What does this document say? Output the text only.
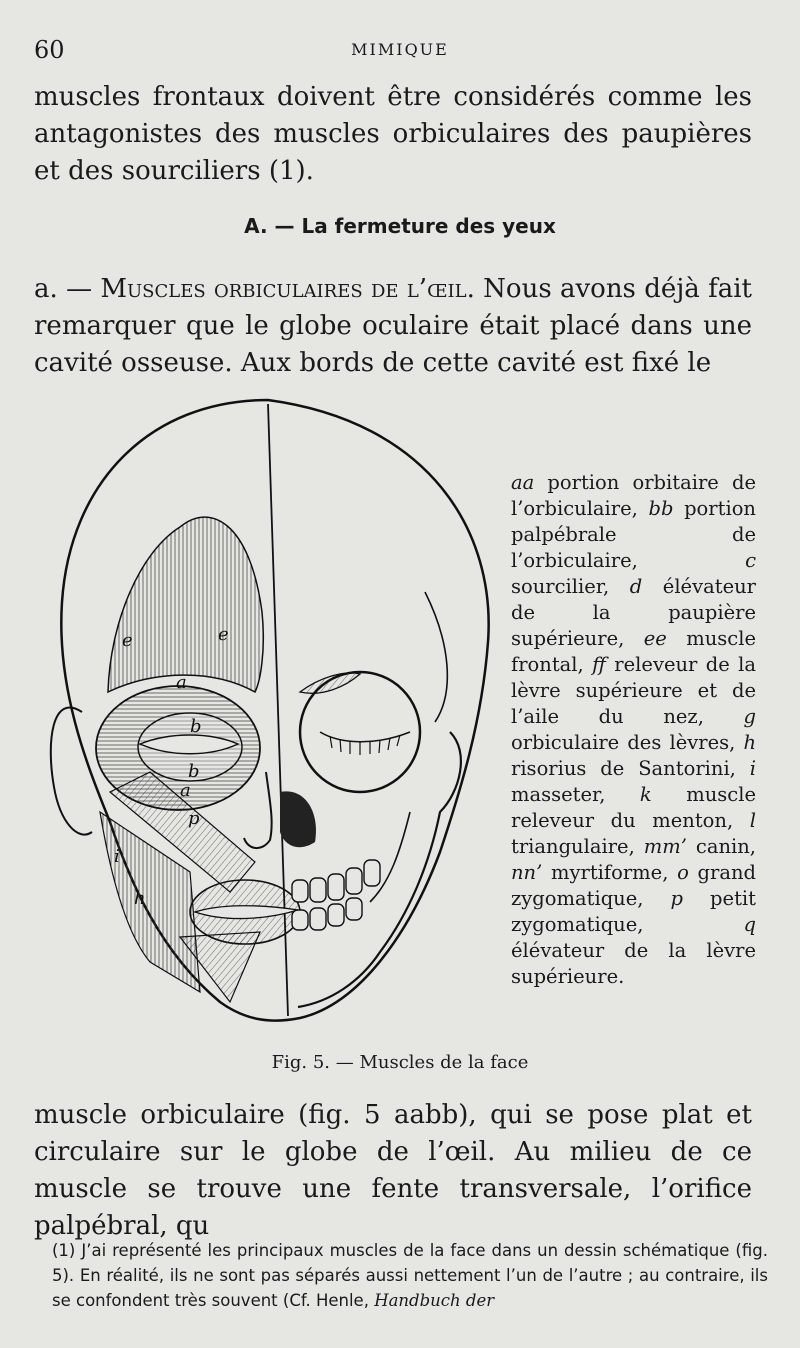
60	MIMIQUE

muscles frontaux doivent être considérés comme les antagonistes des muscles orbiculaires des paupières et des sourciliers (1).

A. — La fermeture des yeux

a. — Muscles orbiculaires de l’œil. Nous avons déjà fait remarquer que le globe oculaire était placé dans une cavité osseuse. Aux bords de cette cavité est fixé le

e	e
a
b
b
a
i
h
p

aa portion orbitaire de l’orbiculaire, bb portion palpébrale de l’orbiculaire, c sourcilier, d élévateur de la paupière supérieure, ee muscle frontal, ff releveur de la lèvre supérieure et de l’aile du nez, g orbiculaire des lèvres, h risorius de Santorini, i masseter, k muscle releveur du menton, l triangulaire, mm’ canin, nn’ myrtiforme, o grand zygomatique, p petit zygomatique, q élévateur de la lèvre supérieure.

Fig. 5. — Muscles de la face

muscle orbiculaire (fig. 5 aabb), qui se pose plat et circulaire sur le globe de l’œil. Au milieu de ce muscle se trouve une fente transversale, l’orifice palpébral, qu

(1) J’ai représenté les principaux muscles de la face dans un dessin schématique (fig. 5). En réalité, ils ne sont pas séparés aussi nettement l’un de l’autre ; au contraire, ils se confondent très souvent (Cf. Henle, Handbuch der
